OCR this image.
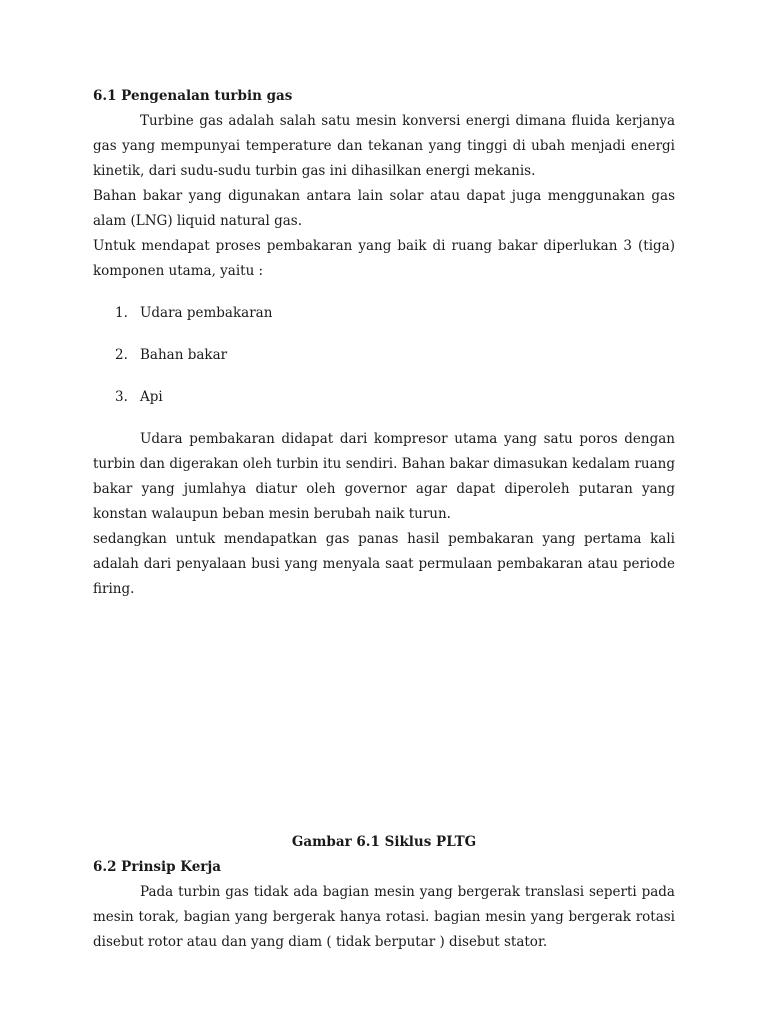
6.1 Pengenalan turbin gas

Turbine gas adalah salah satu mesin konversi energi dimana fluida kerjanya gas yang mempunyai temperature dan tekanan yang tinggi di ubah menjadi energi kinetik, dari sudu-sudu turbin gas ini dihasilkan energi mekanis.

Bahan bakar yang digunakan antara lain solar atau dapat juga menggunakan gas alam (LNG) liquid natural gas.

Untuk mendapat proses pembakaran yang baik di ruang bakar diperlukan 3 (tiga) komponen utama, yaitu :

1. Udara pembakaran
2. Bahan bakar
3. Api

Udara pembakaran didapat dari kompresor utama yang satu poros dengan turbin dan digerakan oleh turbin itu sendiri. Bahan bakar dimasukan kedalam ruang bakar yang jumlahya diatur oleh governor agar dapat diperoleh putaran yang konstan walaupun beban mesin berubah naik turun.

sedangkan untuk mendapatkan gas panas hasil pembakaran yang pertama kali adalah dari penyalaan busi yang menyala saat permulaan pembakaran atau periode firing.

Gambar 6.1 Siklus PLTG

6.2 Prinsip Kerja

Pada turbin gas tidak ada bagian mesin yang bergerak translasi seperti pada mesin torak, bagian yang bergerak hanya rotasi. bagian mesin yang bergerak rotasi disebut rotor atau dan yang diam ( tidak berputar ) disebut stator.
